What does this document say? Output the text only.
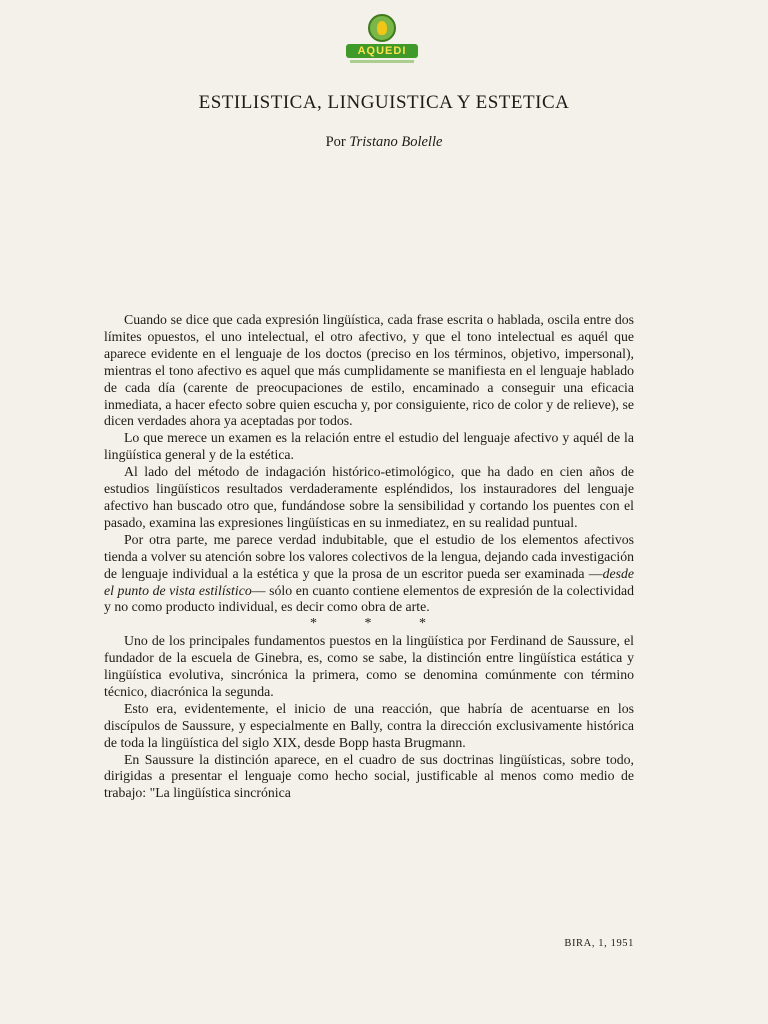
AQUEDI
ESTILISTICA, LINGUISTICA Y ESTETICA

Por Tristano Bolelle

Cuando se dice que cada expresión lingüística, cada frase escrita o hablada, oscila entre dos límites opuestos, el uno intelectual, el otro afectivo, y que el tono intelectual es aquél que aparece evidente en el lenguaje de los doctos (preciso en los términos, objetivo, impersonal), mientras el tono afectivo es aquel que más cumplidamente se manifiesta en el lenguaje hablado de cada día (carente de preocupaciones de estilo, encaminado a conseguir una eficacia inmediata, a hacer efecto sobre quien escucha y, por consiguiente, rico de color y de relieve), se dicen verdades ahora ya aceptadas por todos.

Lo que merece un examen es la relación entre el estudio del lenguaje afectivo y aquél de la lingüística general y de la estética.

Al lado del método de indagación histórico-etimológico, que ha dado en cien años de estudios lingüísticos resultados verdaderamente espléndidos, los instauradores del lenguaje afectivo han buscado otro que, fundándose sobre la sensibilidad y cortando los puentes con el pasado, examina las expresiones lingüísticas en su inmediatez, en su realidad puntual.

Por otra parte, me parece verdad indubitable, que el estudio de los elementos afectivos tienda a volver su atención sobre los valores colectivos de la lengua, dejando cada investigación de lenguaje individual a la estética y que la prosa de un escritor pueda ser examinada —desde el punto de vista estilístico— sólo en cuanto contiene elementos de expresión de la colectividad y no como producto individual, es decir como obra de arte.

* * *

Uno de los principales fundamentos puestos en la lingüística por Ferdinand de Saussure, el fundador de la escuela de Ginebra, es, como se sabe, la distinción entre lingüística estática y lingüística evolutiva, sincrónica la primera, como se denomina comúnmente con término técnico, diacrónica la segunda.

Esto era, evidentemente, el inicio de una reacción, que habría de acentuarse en los discípulos de Saussure, y especialmente en Bally, contra la dirección exclusivamente histórica de toda la lingüística del siglo XIX, desde Bopp hasta Brugmann.

En Saussure la distinción aparece, en el cuadro de sus doctrinas lingüísticas, sobre todo, dirigidas a presentar el lenguaje como hecho social, justificable al menos como medio de trabajo: "La lingüística sincrónica

BIRA, 1, 1951
